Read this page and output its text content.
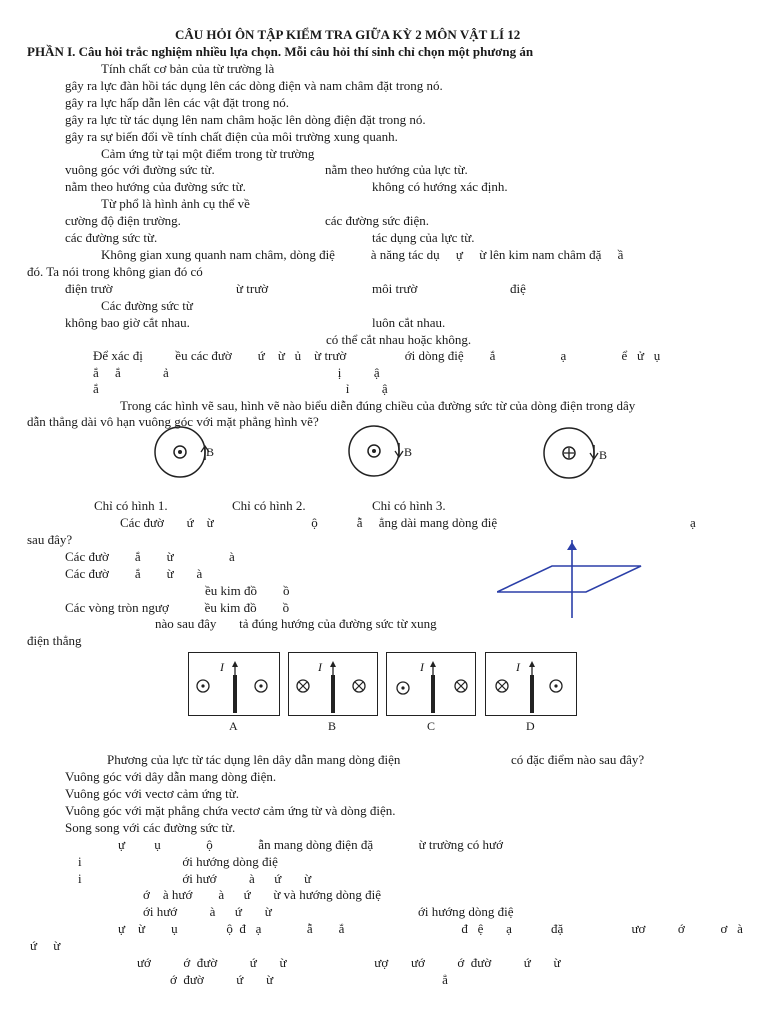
CÂU HỎI ÔN TẬP KIỂM TRA GIỮA KỲ 2 MÔN VẬT LÍ 12
PHẦN I. Câu hỏi trắc nghiệm nhiều lựa chọn. Mỗi câu hỏi thí sinh chỉ chọn một phương án
Tính chất cơ bản của từ trường là
gây ra lực đàn hồi tác dụng lên các dòng điện và nam châm đặt trong nó.
gây ra lực hấp dẫn lên các vật đặt trong nó.
gây ra lực từ tác dụng lên nam châm hoặc lên dòng điện đặt trong nó.
gây ra sự biến đổi về tính chất điện của môi trường xung quanh.
Cảm ứng từ tại một điểm trong từ trường
vuông góc với đường sức từ.	nằm theo hướng của lực từ.
nằm theo hướng của đường sức từ.	không có hướng xác định.
Từ phổ là hình ảnh cụ thể về
cường độ điện trường.	các đường sức điện.
các đường sức từ.	tác dụng của lực từ.
Không gian xung quanh nam châm, dòng điệ           à năng tác dụ     ự     ừ lên kim nam châm đặ     ầ
đó. Ta nói trong không gian đó có
điện trườ	ừ trườ	môi trườ	điệ
Các đường sức từ
không bao giờ cắt nhau.	luôn cắt nhau.
có thể cắt nhau hoặc không.
Để xác đị          ều các đườ        ứ    ừ   ủ    ừ trườ                  ới dòng điệ        ắ                    ạ                 ể   ử   ụ
ắ     ắ             ả                                                    ị          ậ
ắ                                                                            ỉ          ậ
Trong các hình vẽ sau, hình vẽ nào biểu diễn đúng chiều của đường sức từ của dòng điện trong dây
dẫn thẳng dài vô hạn vuông góc với mặt phẳng hình vẽ?
B	B	B
Chỉ có hình 1.	Chỉ có hình 2.	Chỉ có hình 3.
Các đườ       ứ    ừ                              ộ            ẫ     ẳng dài mang dòng điệ	ạ
sau đây?
Các đườ        ắ        ừ                 à
Các đườ        ắ        ừ       à
ều kim đồ        ồ
Các vòng tròn ngượ           ều kim đồ        ồ
nào sau đây       tả đúng hướng của đường sức từ xung
điện thẳng
I	I	I	I
A	B	C	D
Phương của lực từ tác dụng lên dây dẫn mang dòng điện	có đặc điểm nào sau đây?
Vuông góc với dây dẫn mang dòng điện.
Vuông góc với vectơ cảm ứng từ.
Vuông góc với mặt phẳng chứa vectơ cảm ứng từ và dòng điện.
Song song với các đường sức từ.
ự         ụ              ộ              ẫn mang dòng điện đặ              ừ trường có hướ
i                               ới hướng dòng điệ
i                               ới hướ          à      ứ       ừ
ớ    à hướ        à      ứ       ừ và hướng dòng điệ
ới hướ          à      ứ       ừ                                             ới hướng dòng điệ
ự    ừ        ụ               ộ  đ   ạ              ẫ        ắ                                    đ   ệ       ạ            đặ                     ươ          ớ           ơ   à
ứ     ừ
ướ          ớ  đườ          ứ       ừ                           ượ       ướ          ớ  đườ          ứ       ừ
ớ  đườ          ứ       ừ                                                    ẳ
